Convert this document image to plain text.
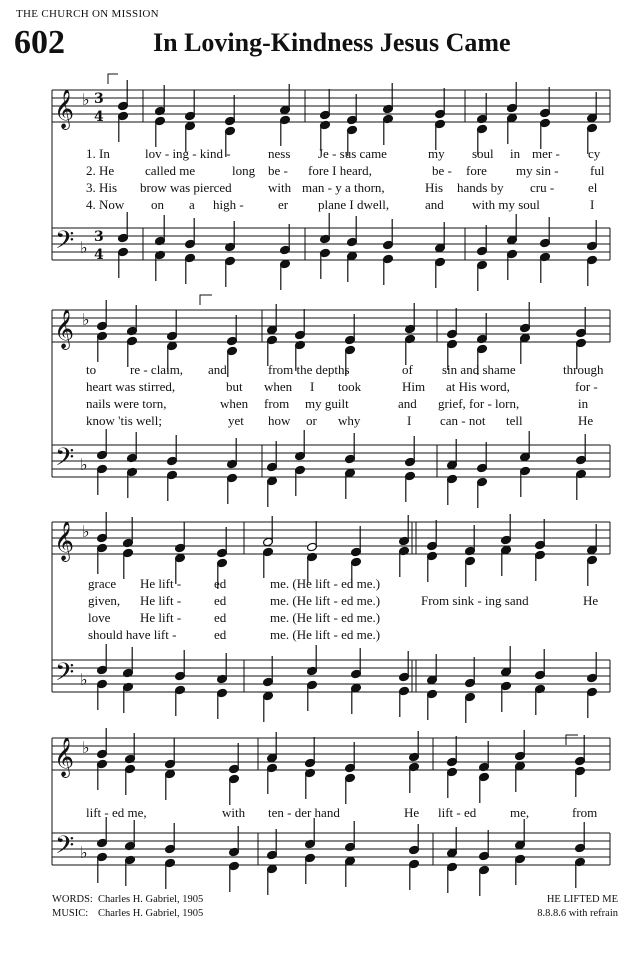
THE CHURCH ON MISSION
602	In Loving-Kindness Jesus Came
𝄞
𝄢
𝄞
𝄢
𝄞
𝄢
𝄞
𝄢
♭
♭
♭
♭
♭
♭
♭
♭
3
4
3
4
1. In	lov - ing - kind -	ness Je - sus came	my soul in mer - cy
2. He called me	long be - fore I heard,	be - fore my sin - ful
3. His brow was pierced	with man - y a thorn,	His hands by cru -	el
4. Now on a high -	er plane I dwell,	and with my soul	I
to	re - claim, and	from the depths	of sin and shame	through
heart was stirred,	but when I took	Him at His word,	for -
nails were torn,	when from my guilt	and grief, for - lorn,	in
know 'tis well;	yet how or why	I can - not tell	He
grace He lift -	ed	me. (He lift - ed me.)
given, He lift -	ed	me. (He lift - ed me.)	From sink - ing sand	He
love He lift -	ed	me. (He lift - ed me.)
should have lift -	ed	me. (He lift - ed me.)
lift - ed me,	with ten - der hand	He lift - ed	me,	from
WORDS: Charles H. Gabriel, 1905
MUSIC: Charles H. Gabriel, 1905
HE LIFTED ME
8.8.8.6 with refrain
